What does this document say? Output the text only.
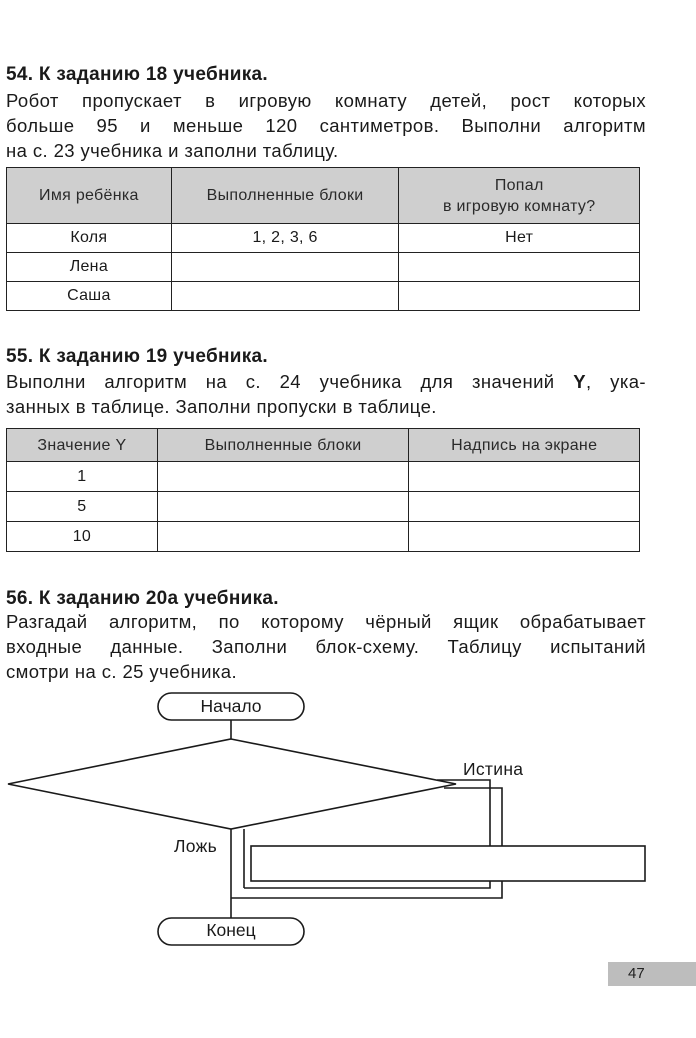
54. К заданию 18 учебника.

Робот пропускает в игровую комнату детей, рост которых
больше 95 и меньше 120 сантиметров. Выполни алгоритм
на с. 23 учебника и заполни таблицу.

Имя ребёнка	Выполненные блоки	Попал
в игровую комнату?

Коля	1, 2, 3, 6	Нет
Лена		
Саша		
55. К заданию 19 учебника.

Выполни алгоритм на с. 24 учебника для значений Y, ука-
занных в таблице. Заполни пропуски в таблице.

Значение Y	Выполненные блоки	Надпись на экране
1		
5		
10		
56. К заданию 20а учебника.

Разгадай алгоритм, по которому чёрный ящик обрабатывает
входные данные. Заполни блок-схему. Таблицу испытаний
смотри на с. 25 учебника.

Начало

Истина

Ложь

Конец

47
